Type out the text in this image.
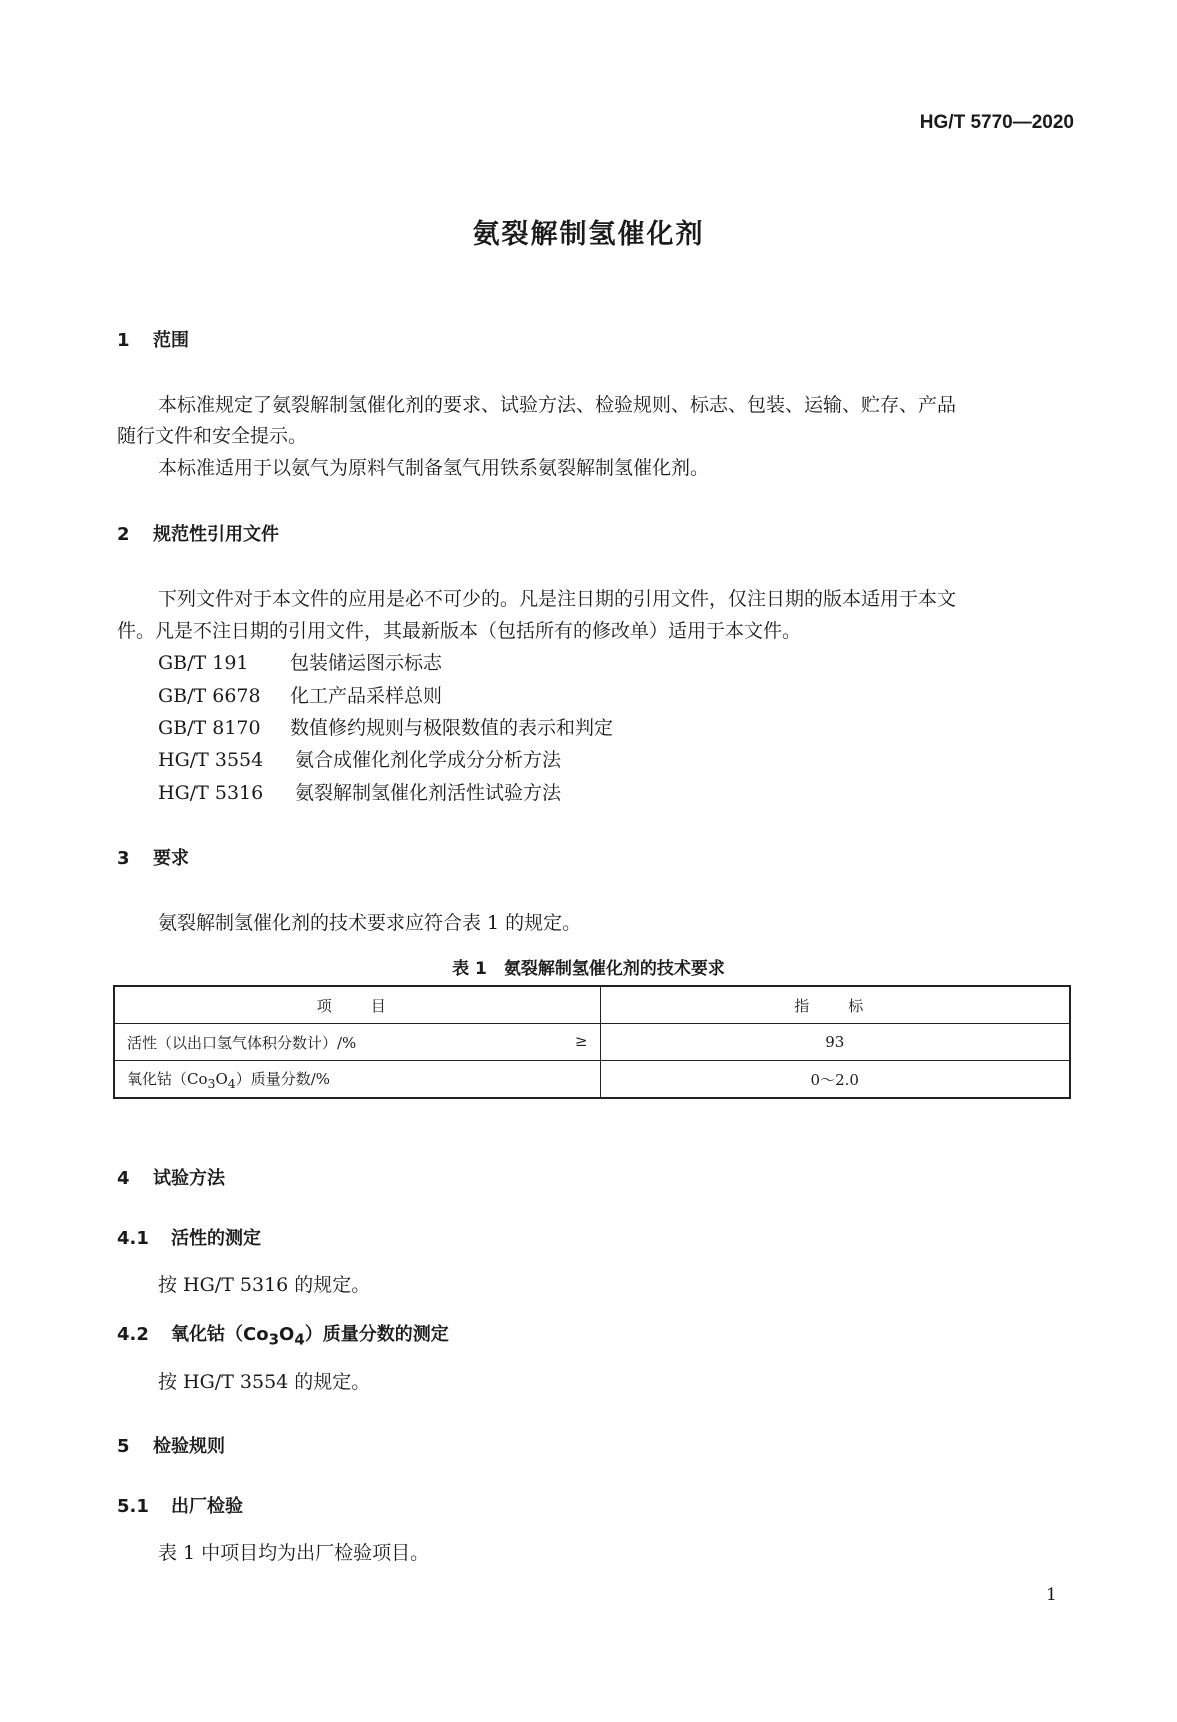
HG/T 5770—2020
氨裂解制氢催化剂
1 范围
本标准规定了氨裂解制氢催化剂的要求、试验方法、检验规则、标志、包装、运输、贮存、产品
随行文件和安全提示。
本标准适用于以氨气为原料气制备氢气用铁系氨裂解制氢催化剂。
2 规范性引用文件
下列文件对于本文件的应用是必不可少的。凡是注日期的引用文件，仅注日期的版本适用于本文
件。凡是不注日期的引用文件，其最新版本（包括所有的修改单）适用于本文件。
GB/T 191 包装储运图示标志
GB/T 6678 化工产品采样总则
GB/T 8170 数值修约规则与极限数值的表示和判定
HG/T 3554 氨合成催化剂化学成分分析方法
HG/T 5316 氨裂解制氢催化剂活性试验方法
3 要求
氨裂解制氢催化剂的技术要求应符合表 1 的规定。
表 1　氨裂解制氢催化剂的技术要求
项　目	指　标
活性（以出口氢气体积分数计）/% ≥	93
氧化钴$(Co_3O_4)$质量分数/%	0～2.0
4 试验方法
4.1 活性的测定
按 HG/T 5316 的规定。
4.2 氧化钴$(Co_3O_4)$质量分数的测定
按 HG/T 3554 的规定。
5 检验规则
5.1 出厂检验
表 1 中项目均为出厂检验项目。
1
